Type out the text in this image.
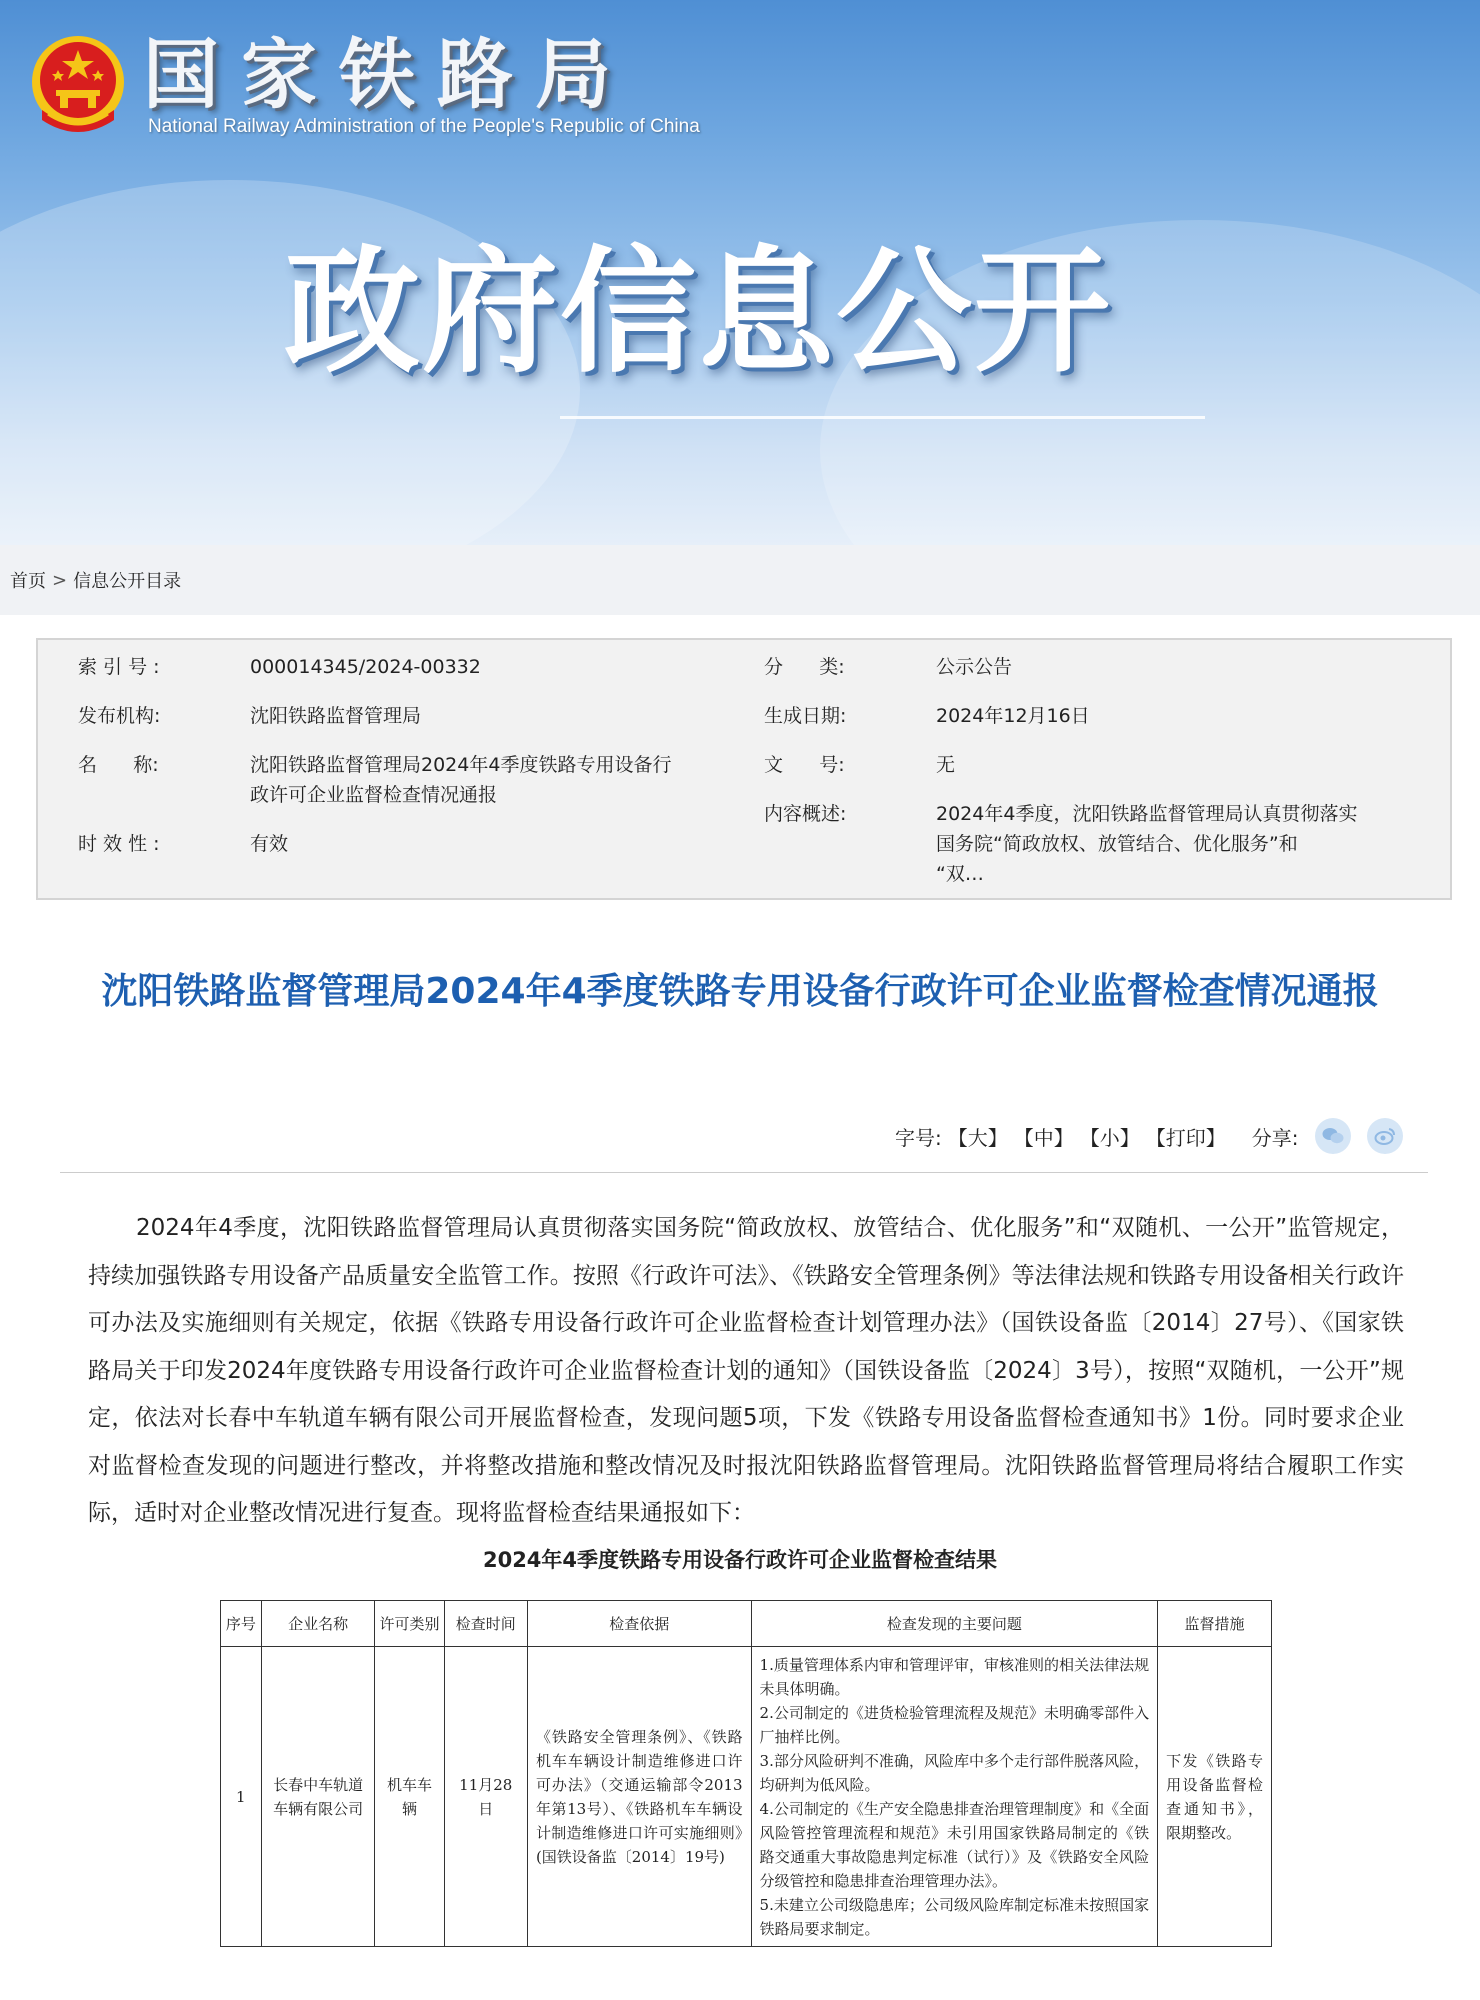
国家铁路局
National Railway Administration of the People's Republic of China
政府信息公开
首页 > 信息公开目录
索 引 号 :	000014345/2024-00332	分      类:	公示公告
发布机构:	沈阳铁路监督管理局	生成日期:	2024年12月16日
名      称:	沈阳铁路监督管理局2024年4季度铁路专用设备行
政许可企业监督检查情况通报
文      号:	无
内容概述:	2024年4季度，沈阳铁路监督管理局认真贯彻落实
国务院“简政放权、放管结合、优化服务”和
“双…
时 效 性 :	有效
沈阳铁路监督管理局2024年4季度铁路专用设备行政许可企业监督检查情况通报
字号: 【大】 【中】 【小】 【打印】 分享:

2024年4季度，沈阳铁路监督管理局认真贯彻落实国务院“简政放权、放管结合、优化服务”和“双随机、一公开”监管规定，持续加强铁路专用设备产品质量安全监管工作。按照《行政许可法》、《铁路安全管理条例》等法律法规和铁路专用设备相关行政许可办法及实施细则有关规定，依据《铁路专用设备行政许可企业监督检查计划管理办法》（国铁设备监〔2014〕27号）、《国家铁路局关于印发2024年度铁路专用设备行政许可企业监督检查计划的通知》（国铁设备监〔2024〕3号），按照“双随机，一公开”规定，依法对长春中车轨道车辆有限公司开展监督检查，发现问题5项，下发《铁路专用设备监督检查通知书》1份。同时要求企业对监督检查发现的问题进行整改，并将整改措施和整改情况及时报沈阳铁路监督管理局。沈阳铁路监督管理局将结合履职工作实际，适时对企业整改情况进行复查。现将监督检查结果通报如下：

2024年4季度铁路专用设备行政许可企业监督检查结果
序号	企业名称	许可类别	检查时间	检查依据	检查发现的主要问题	监督措施
1	长春中车轨道车辆有限公司	机车车辆	11月28日	《铁路安全管理条例》、《铁路机车车辆设计制造维修进口许可办法》（交通运输部令2013年第13号）、《铁路机车车辆设计制造维修进口许可实施细则》(国铁设备监〔2014〕19号)	1.质量管理体系内审和管理评审，审核准则的相关法律法规未具体明确。
2.公司制定的《进货检验管理流程及规范》未明确零部件入厂抽样比例。
3.部分风险研判不准确，风险库中多个走行部件脱落风险，均研判为低风险。
4.公司制定的《生产安全隐患排查治理管理制度》和《全面风险管控管理流程和规范》未引用国家铁路局制定的《铁路交通重大事故隐患判定标准（试行）》及《铁路安全风险分级管控和隐患排查治理管理办法》。
5.未建立公司级隐患库；公司级风险库制定标准未按照国家铁路局要求制定。	下发《铁路专用设备监督检查通知书》，限期整改。
